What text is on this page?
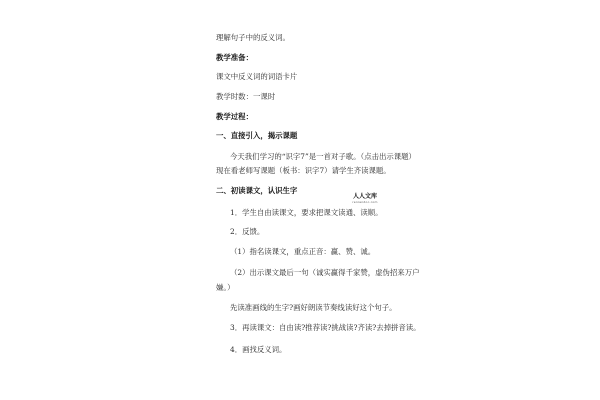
理解句子中的反义词。
教学准备：
课文中反义词的词语卡片
教学时数：一课时
教学过程：
一、直接引入，揭示课题
今天我们学习的“识字7”是一首对子歌。（点击出示课题）
现在看老师写课题（板书：识字7）请学生齐读课题。
二、初读课文，认识生字
1．学生自由读课文，要求把课文读通、读顺。
2．反馈。
（1）指名读课文，重点正音：赢、赞、诚。
（2）出示课文最后一句（诚实赢得千家赞，虚伪招来万户
嫌。）
先读准画线的生字?画好朗读节奏线读好这个句子。
3．再读课文：自由读?推荐读?挑战读?齐读?去掉拼音读。
4．画找反义词。
人人文库
renrendoc.com
